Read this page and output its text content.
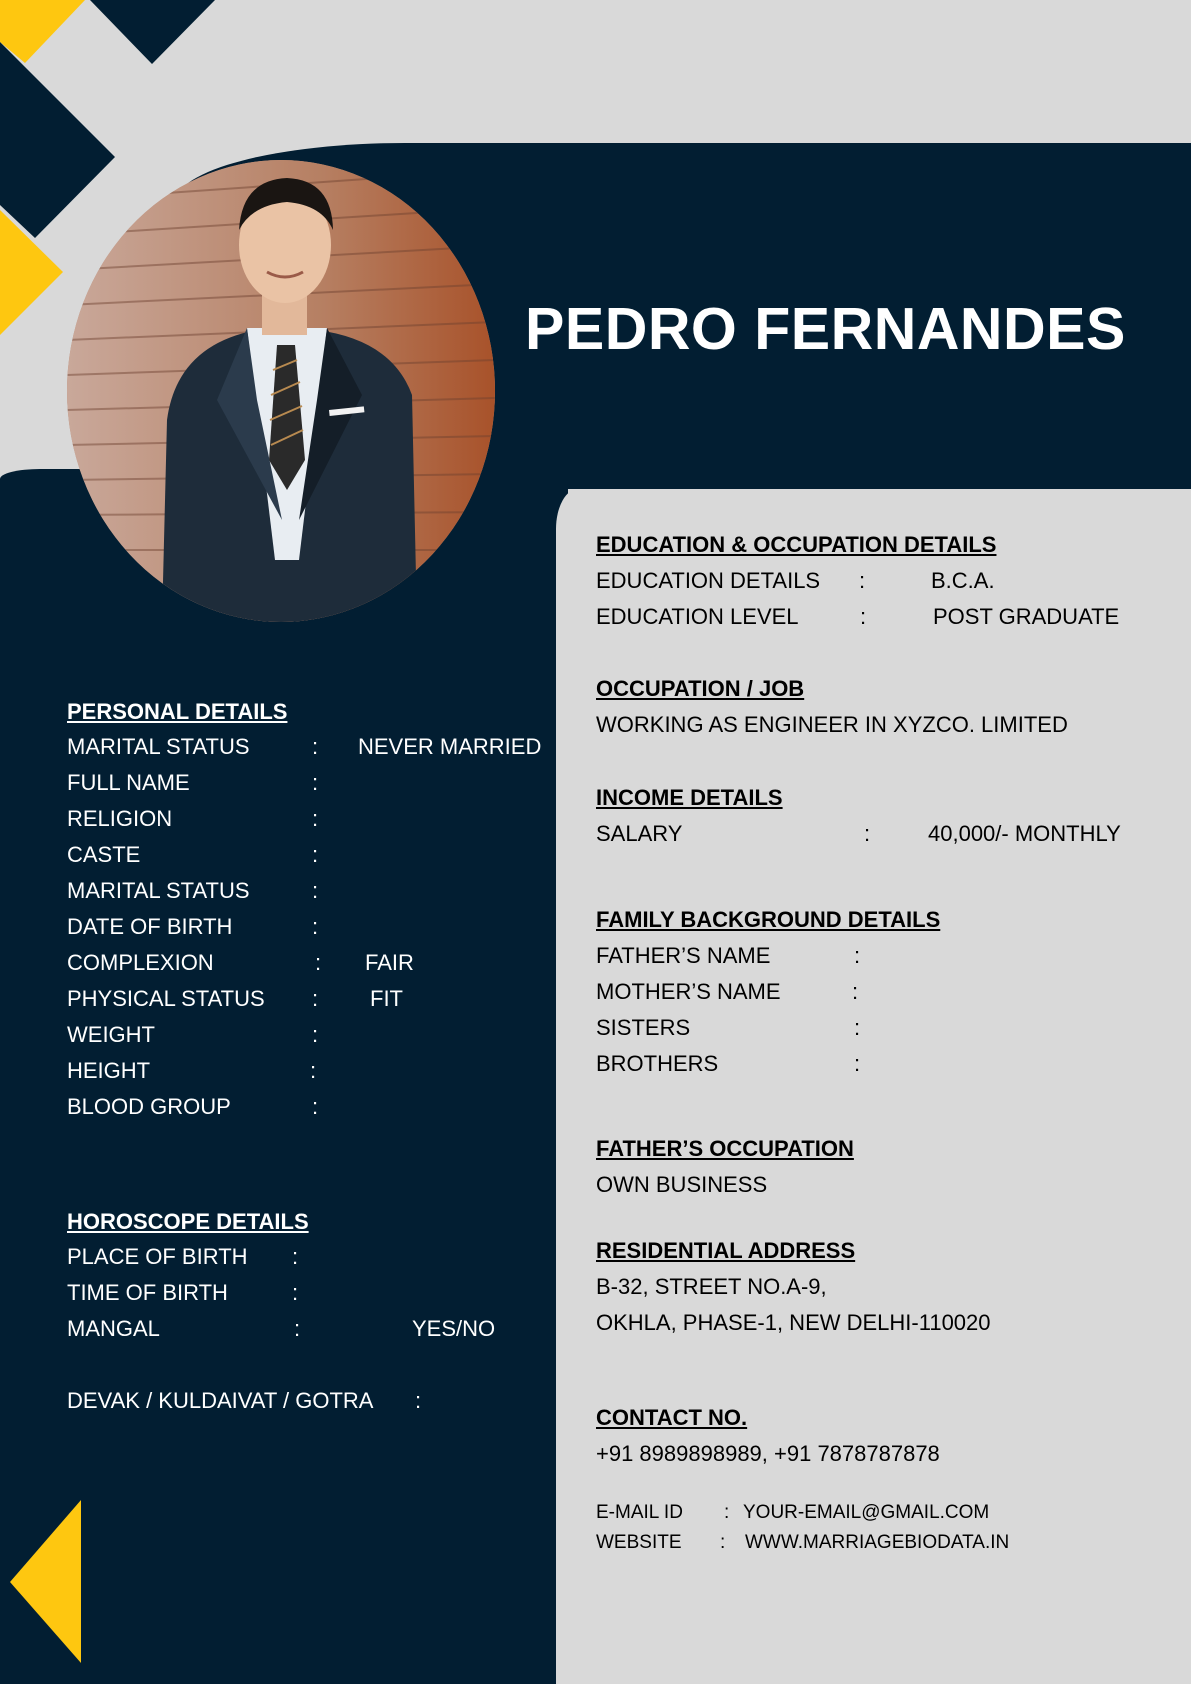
PEDRO FERNANDES
PERSONAL DETAILS
MARITAL STATUS	: NEVER MARRIED
FULL NAME	:
RELIGION	:
CASTE	:
MARITAL STATUS	:
DATE OF BIRTH	:
COMPLEXION	: FAIR
PHYSICAL STATUS : FIT
WEIGHT	:
HEIGHT	:
BLOOD GROUP	:
HOROSCOPE DETAILS
PLACE OF BIRTH :
TIME OF BIRTH	:
MANGAL	:	YES/NO
DEVAK / KULDAIVAT / GOTRA :
EDUCATION & OCCUPATION DETAILS
EDUCATION DETAILS :	B.C.A.
EDUCATION LEVEL	:	POST GRADUATE
OCCUPATION / JOB
WORKING AS ENGINEER IN XYZCO. LIMITED
INCOME DETAILS
SALARY	:	40,000/- MONTHLY
FAMILY BACKGROUND DETAILS
FATHER’S NAME	:
MOTHER’S NAME	:
SISTERS	:
BROTHERS	:
FATHER’S OCCUPATION
OWN BUSINESS
RESIDENTIAL ADDRESS
B-32, STREET NO.A-9,
OKHLA, PHASE-1, NEW DELHI-110020
CONTACT NO.
+91 8989898989, +91 7878787878
E-MAIL ID : YOUR-EMAIL@GMAIL.COM
WEBSITE : WWW.MARRIAGEBIODATA.IN
